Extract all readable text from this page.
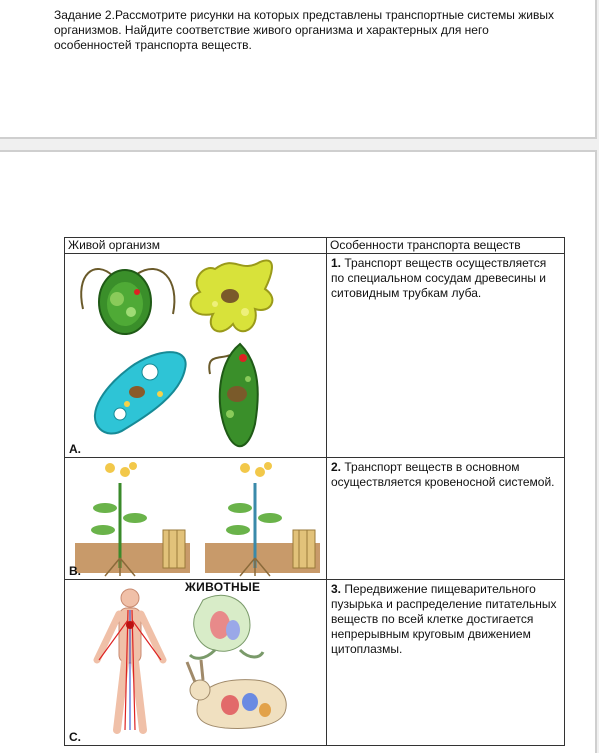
Задание 2.Рассмотрите рисунки на которых представлены транспортные системы живых организмов. Найдите соответствие живого организма и характерных для него особенностей транспорта веществ.

Живой организм	Особенности транспорта веществ

А.	1. Транспорт веществ осуществляется по специальном сосудам древесины и ситовидным трубкам луба.

В.	2. Транспорт веществ в основном осуществляется кровеносной системой.

ЖИВОТНЫЕ
С.	3. Передвижение пищеварительного пузырька и распределение питательных веществ по всей клетке достигается непрерывным круговым движением цитоплазмы.
